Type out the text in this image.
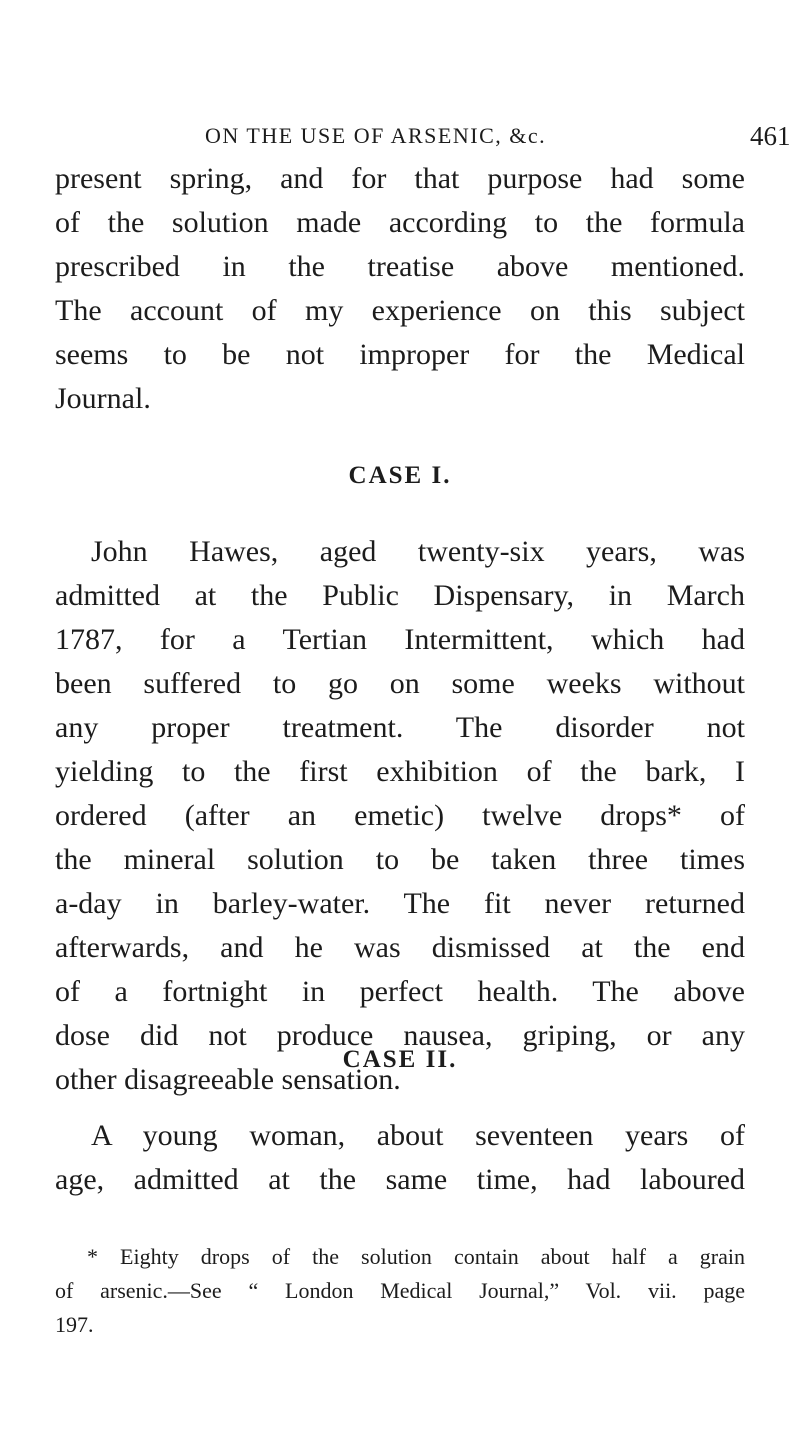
ON THE USE OF ARSENIC, &c.	461

present spring, and for that purpose had some
of the solution made according to the formula
prescribed in the treatise above mentioned.
The account of my experience on this subject
seems to be not improper for the Medical
Journal.

CASE I.

John Hawes, aged twenty-six years, was
admitted at the Public Dispensary, in March
1787, for a Tertian Intermittent, which had
been suffered to go on some weeks without
any proper treatment. The disorder not
yielding to the first exhibition of the bark, I
ordered (after an emetic) twelve drops* of
the mineral solution to be taken three times
a-day in barley-water. The fit never returned
afterwards, and he was dismissed at the end
of a fortnight in perfect health. The above
dose did not produce nausea, griping, or any
other disagreeable sensation.

CASE II.

A young woman, about seventeen years of
age, admitted at the same time, had laboured

* Eighty drops of the solution contain about half a grain
of arsenic.—See “ London Medical Journal,” Vol. vii. page
197.
